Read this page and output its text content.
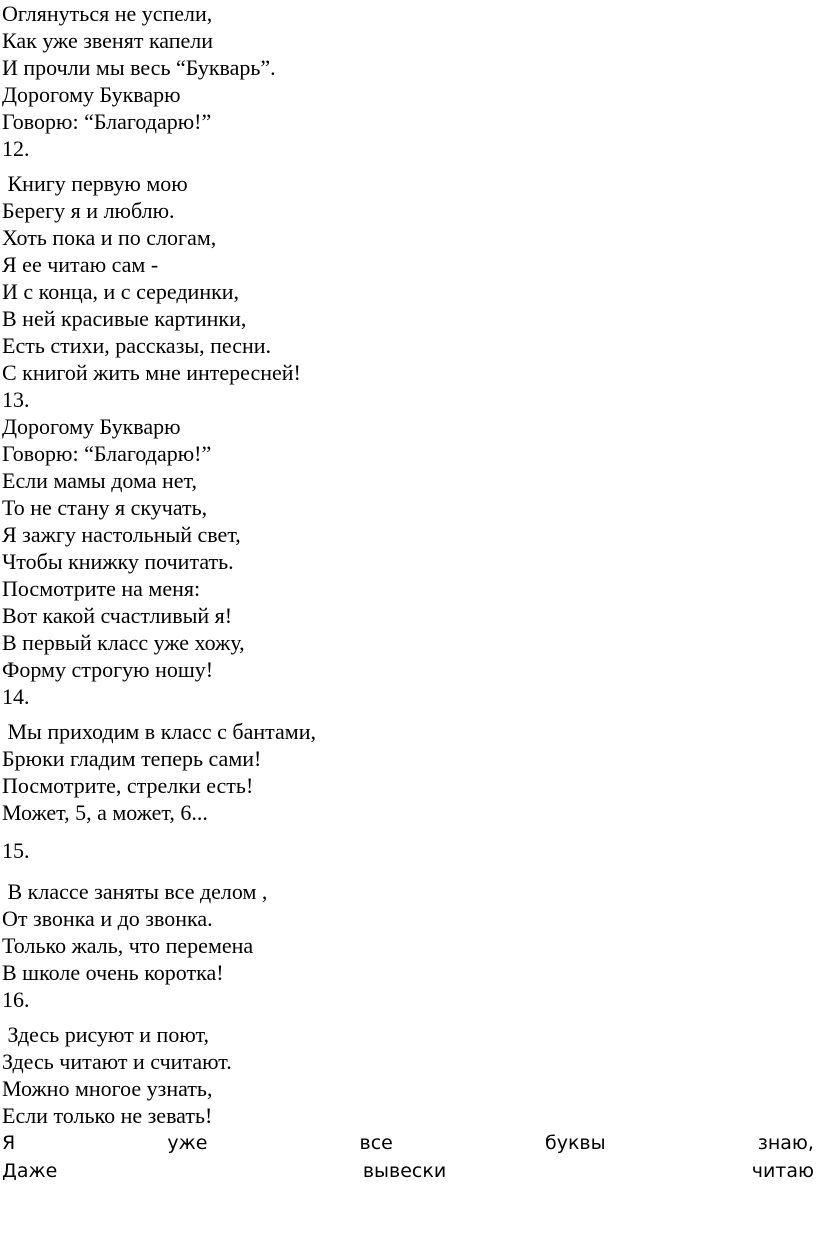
Оглянуться не успели,
Как уже звенят капели
И прочли мы весь “Букварь”.
Дорогому Букварю
Говорю: “Благодарю!”
12.
Книгу первую мою
Берегу я и люблю.
Хоть пока и по слогам,
Я ее читаю сам -
И с конца, и с серединки,
В ней красивые картинки,
Есть стихи, рассказы, песни.
С книгой жить мне интересней!
13.
Дорогому Букварю
Говорю: “Благодарю!”
Если мамы дома нет,
То не стану я скучать,
Я зажгу настольный свет,
Чтобы книжку почитать.
Посмотрите на меня:
Вот какой счастливый я!
В первый класс уже хожу,
Форму строгую ношу!
14.
Мы приходим в класс с бантами,
Брюки гладим теперь сами!
Посмотрите, стрелки есть!
Может, 5, а может, 6...
15.
В классе заняты все делом ,
От звонка и до звонка.
Только жаль, что перемена
В школе очень коротка!
16.
Здесь рисуют и поют,
Здесь читают и считают.
Можно многое узнать,
Если только не зевать!
Я	уже	все	буквы	знаю,
Даже	вывески	читаю
